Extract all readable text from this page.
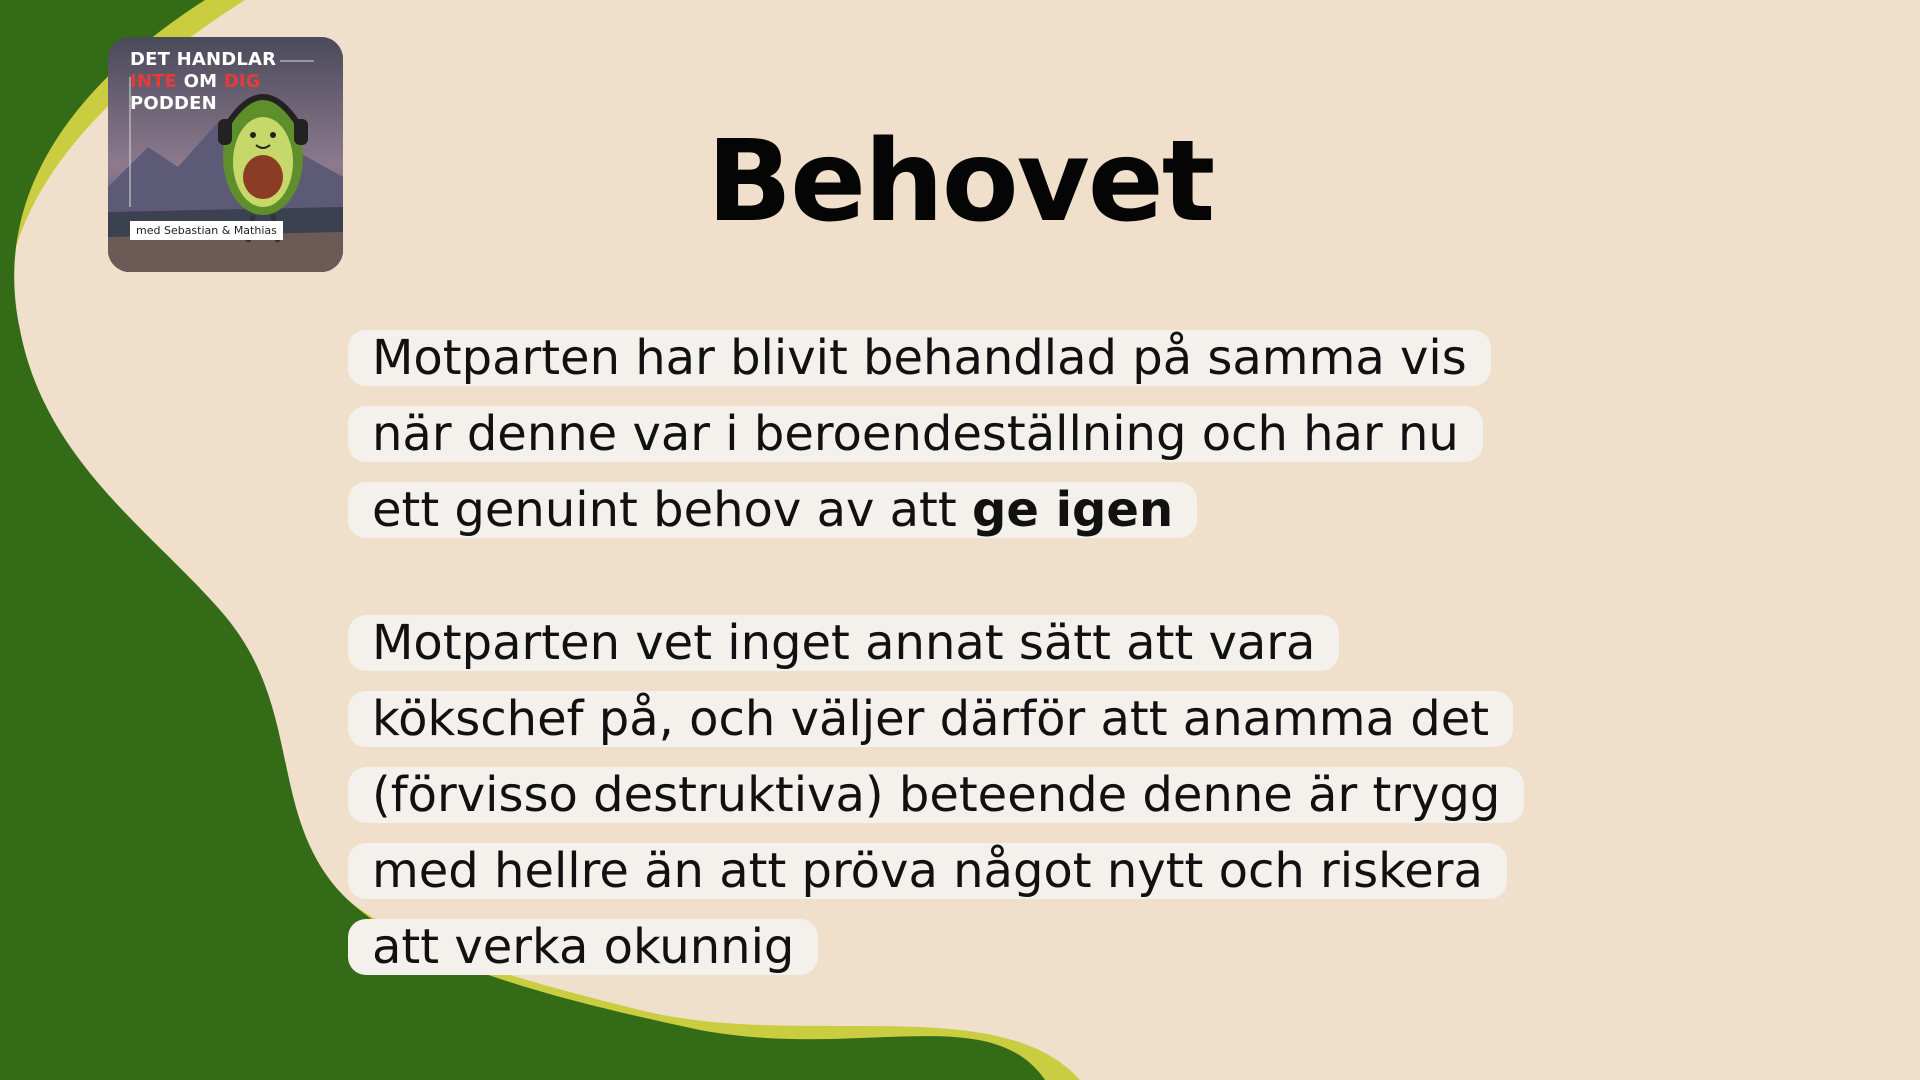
DET HANDLAR
INTE OM DIG
PODDEN
med Sebastian & Mathias	Behovet
Motparten har blivit behandlad på samma vis
när denne var i beroendeställning och har nu
ett genuint behov av att ge igen
Motparten vet inget annat sätt att vara
kökschef på, och väljer därför att anamma det
(förvisso destruktiva) beteende denne är trygg
med hellre än att pröva något nytt och riskera
att verka okunnig
